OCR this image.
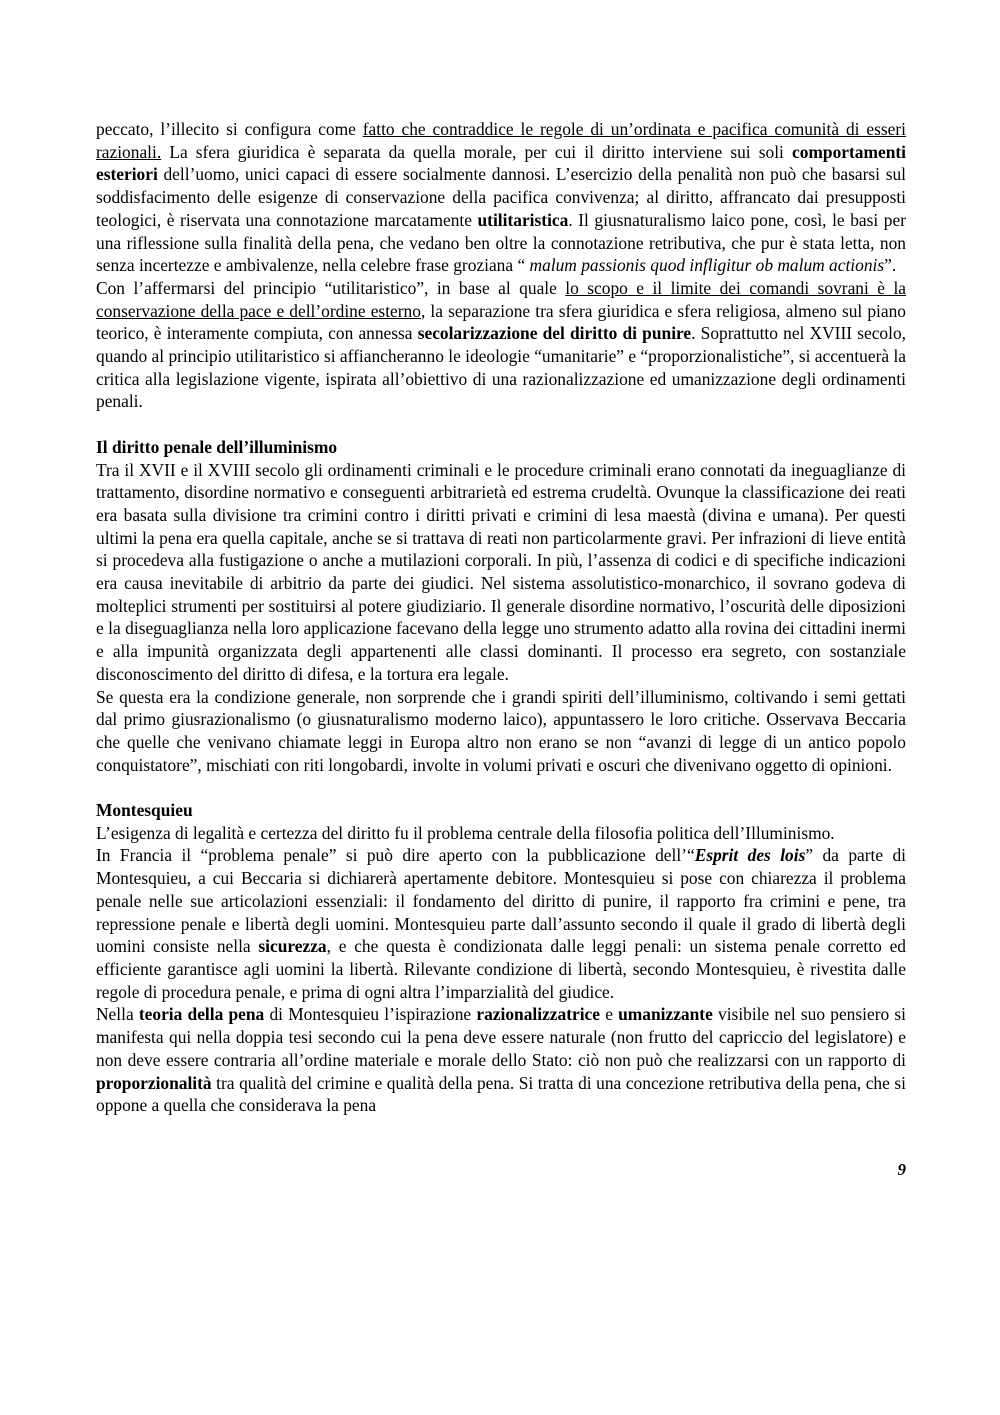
peccato, l’illecito si configura come fatto che contraddice le regole di un’ordinata e pacifica comunità di esseri razionali. La sfera giuridica è separata da quella morale, per cui il diritto interviene sui soli comportamenti esteriori dell’uomo, unici capaci di essere socialmente dannosi. L’esercizio della penalità non può che basarsi sul soddisfacimento delle esigenze di conservazione della pacifica convivenza; al diritto, affrancato dai presupposti teologici, è riservata una connotazione marcatamente utilitaristica. Il giusnaturalismo laico pone, così, le basi per una riflessione sulla finalità della pena, che vedano ben oltre la connotazione retributiva, che pur è stata letta, non senza incertezze e ambivalenze, nella celebre frase groziana “ malum passionis quod infligitur ob malum actionis”.

Con l’affermarsi del principio “utilitaristico”, in base al quale lo scopo e il limite dei comandi sovrani è la conservazione della pace e dell’ordine esterno, la separazione tra sfera giuridica e sfera religiosa, almeno sul piano teorico, è interamente compiuta, con annessa secolarizzazione del diritto di punire. Soprattutto nel XVIII secolo, quando al principio utilitaristico si affiancheranno le ideologie “umanitarie” e “proporzionalistiche”, si accentuerà la critica alla legislazione vigente, ispirata all’obiettivo di una razionalizzazione ed umanizzazione degli ordinamenti penali.

Il diritto penale dell’illuminismo

Tra il XVII e il XVIII secolo gli ordinamenti criminali e le procedure criminali erano connotati da ineguaglianze di trattamento, disordine normativo e conseguenti arbitrarietà ed estrema crudeltà. Ovunque la classificazione dei reati era basata sulla divisione tra crimini contro i diritti privati e crimini di lesa maestà (divina e umana). Per questi ultimi la pena era quella capitale, anche se si trattava di reati non particolarmente gravi. Per infrazioni di lieve entità si procedeva alla fustigazione o anche a mutilazioni corporali. In più, l’assenza di codici e di specifiche indicazioni era causa inevitabile di arbitrio da parte dei giudici. Nel sistema assolutistico-monarchico, il sovrano godeva di molteplici strumenti per sostituirsi al potere giudiziario. Il generale disordine normativo, l’oscurità delle diposizioni e la diseguaglianza nella loro applicazione facevano della legge uno strumento adatto alla rovina dei cittadini inermi e alla impunità organizzata degli appartenenti alle classi dominanti. Il processo era segreto, con sostanziale disconoscimento del diritto di difesa, e la tortura era legale.

Se questa era la condizione generale, non sorprende che i grandi spiriti dell’illuminismo, coltivando i semi gettati dal primo giusrazionalismo (o giusnaturalismo moderno laico), appuntassero le loro critiche. Osservava Beccaria che quelle che venivano chiamate leggi in Europa altro non erano se non “avanzi di legge di un antico popolo conquistatore”, mischiati con riti longobardi, involte in volumi privati e oscuri che divenivano oggetto di opinioni.

Montesquieu

L’esigenza di legalità e certezza del diritto fu il problema centrale della filosofia politica dell’Illuminismo.

In Francia il “problema penale” si può dire aperto con la pubblicazione dell’“Esprit des lois” da parte di Montesquieu, a cui Beccaria si dichiarerà apertamente debitore. Montesquieu si pose con chiarezza il problema penale nelle sue articolazioni essenziali: il fondamento del diritto di punire, il rapporto fra crimini e pene, tra repressione penale e libertà degli uomini. Montesquieu parte dall’assunto secondo il quale il grado di libertà degli uomini consiste nella sicurezza, e che questa è condizionata dalle leggi penali: un sistema penale corretto ed efficiente garantisce agli uomini la libertà. Rilevante condizione di libertà, secondo Montesquieu, è rivestita dalle regole di procedura penale, e prima di ogni altra l’imparzialità del giudice.

Nella teoria della pena di Montesquieu l’ispirazione razionalizzatrice e umanizzante visibile nel suo pensiero si manifesta qui nella doppia tesi secondo cui la pena deve essere naturale (non frutto del capriccio del legislatore) e non deve essere contraria all’ordine materiale e morale dello Stato: ciò non può che realizzarsi con un rapporto di proporzionalità tra qualità del crimine e qualità della pena. Si tratta di una concezione retributiva della pena, che si oppone a quella che considerava la pena

9
